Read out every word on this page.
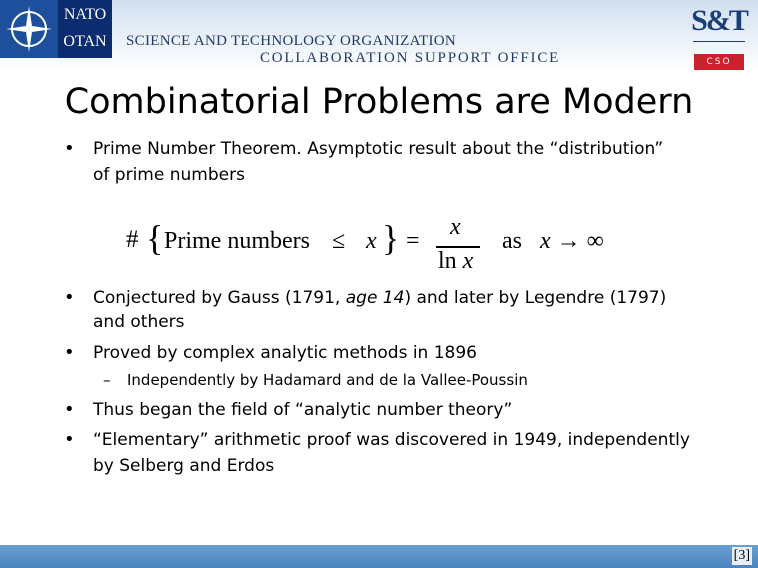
NATO
OTAN	SCIENCE AND TECHNOLOGY ORGANIZATION
COLLABORATION SUPPORT OFFICE
S&T
CSO
Combinatorial Problems are Modern
• Prime Number Theorem. Asymptotic result about the “distribution”
of prime numbers
# { Prime numbers ≤ x } =
x
ln x
as x → ∞
• Conjectured by Gauss (1791, age 14) and later by Legendre (1797)
and others
• Proved by complex analytic methods in 1896
– Independently by Hadamard and de la Vallee-Poussin
• Thus began the field of “analytic number theory”
• “Elementary” arithmetic proof was discovered in 1949, independently
by Selberg and Erdos
[3]
